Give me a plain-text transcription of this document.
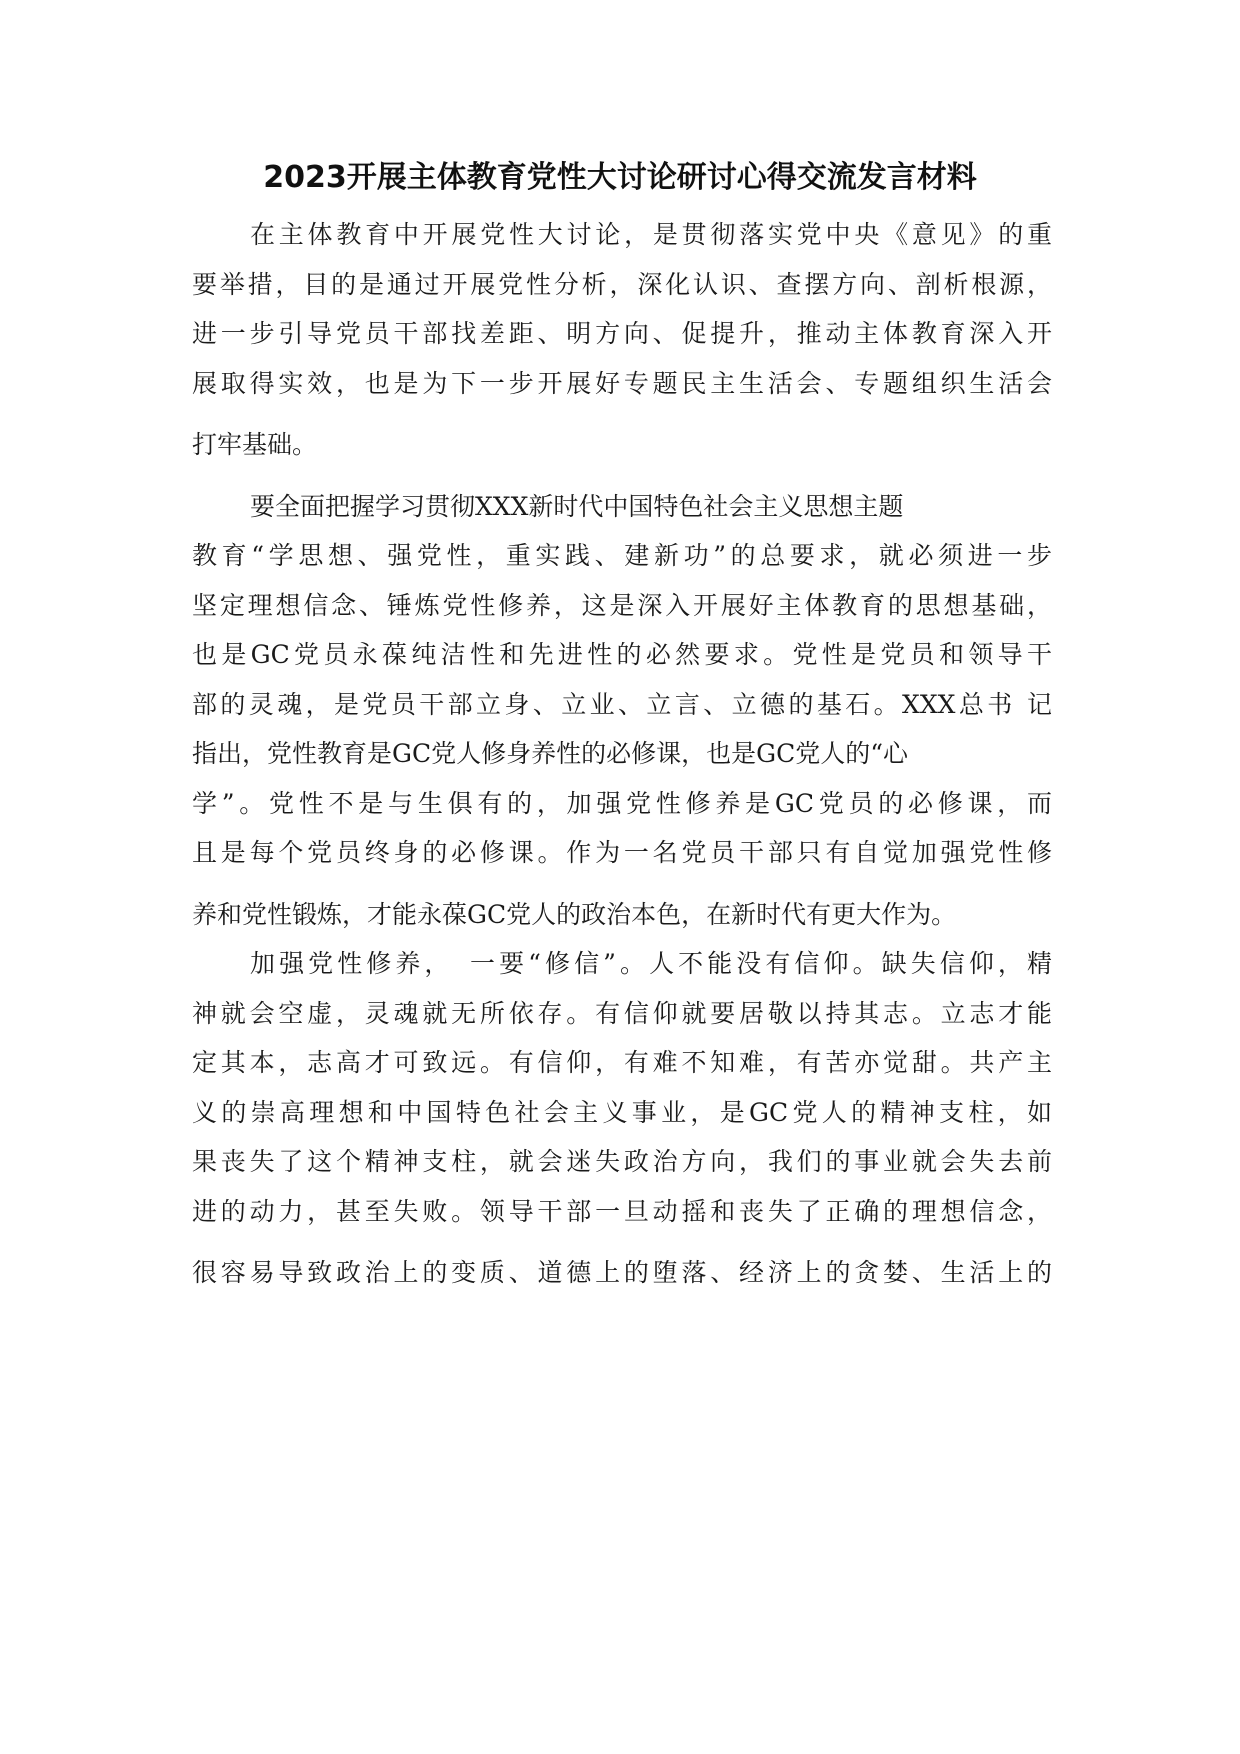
2023开展主体教育党性大讨论研讨心得交流发言材料
在主体教育中开展党性大讨论，是贯彻落实党中央《意见》的重
要举措，目的是通过开展党性分析，深化认识、查摆方向、剖析根源，
进一步引导党员干部找差距、明方向、促提升，推动主体教育深入开
展取得实效，也是为下一步开展好专题民主生活会、专题组织生活会
打牢基础。
要全面把握学习贯彻XXX新时代中国特色社会主义思想主题
教育“学思想、强党性，重实践、建新功”的总要求，就必须进一步
坚定理想信念、锤炼党性修养，这是深入开展好主体教育的思想基础，
也是GC党员永葆纯洁性和先进性的必然要求。党性是党员和领导干
部的灵魂，是党员干部立身、立业、立言、立德的基石。XXX总书 记
指出，党性教育是GC党人修身养性的必修课，也是GC党人的“心
学”。党性不是与生俱有的，加强党性修养是GC党员的必修课，而
且是每个党员终身的必修课。作为一名党员干部只有自觉加强党性修
养和党性锻炼，才能永葆GC党人的政治本色，在新时代有更大作为。
加强党性修养，　一要“修信”。人不能没有信仰。缺失信仰，精
神就会空虚，灵魂就无所依存。有信仰就要居敬以持其志。立志才能
定其本，志高才可致远。有信仰，有难不知难，有苦亦觉甜。共产主
义的崇高理想和中国特色社会主义事业，是GC党人的精神支柱，如
果丧失了这个精神支柱，就会迷失政治方向，我们的事业就会失去前
进的动力，甚至失败。领导干部一旦动摇和丧失了正确的理想信念，
很容易导致政治上的变质、道德上的堕落、经济上的贪婪、生活上的
